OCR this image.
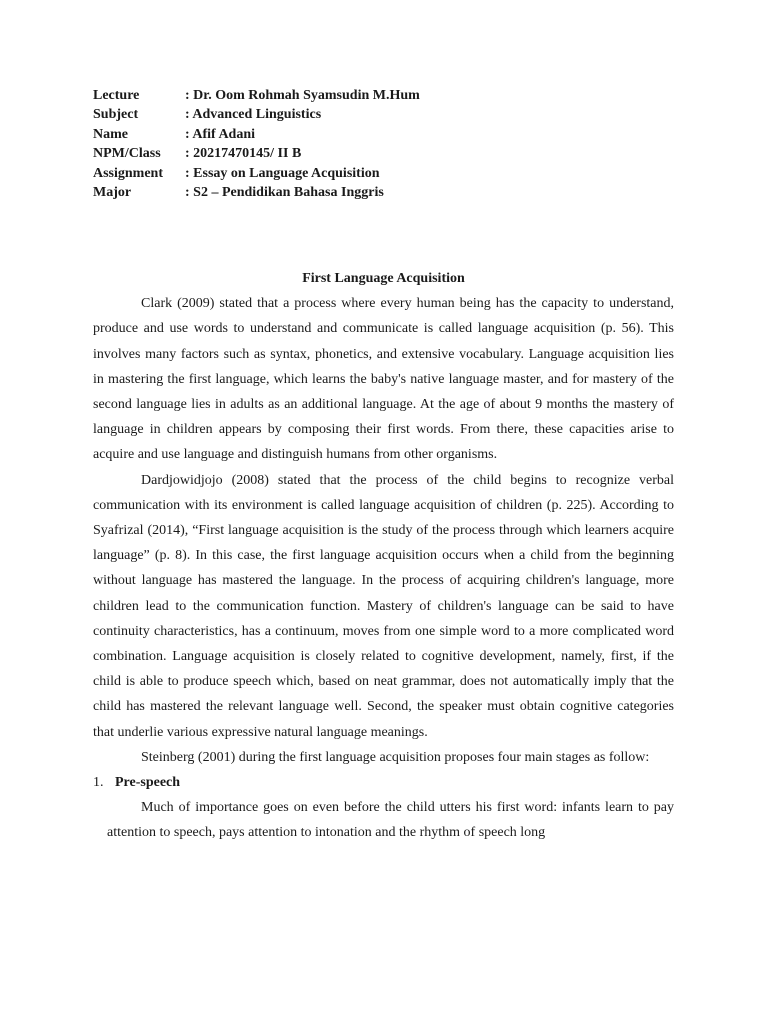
Lecture	: Dr. Oom Rohmah Syamsudin M.Hum
Subject	: Advanced Linguistics
Name	: Afif Adani
NPM/Class	: 20217470145/ II B
Assignment	: Essay on Language Acquisition
Major	: S2 – Pendidikan Bahasa Inggris

First Language Acquisition

Clark (2009) stated that a process where every human being has the capacity to understand, produce and use words to understand and communicate is called language acquisition (p. 56). This involves many factors such as syntax, phonetics, and extensive vocabulary. Language acquisition lies in mastering the first language, which learns the baby's native language master, and for mastery of the second language lies in adults as an additional language. At the age of about 9 months the mastery of language in children appears by composing their first words. From there, these capacities arise to acquire and use language and distinguish humans from other organisms.

Dardjowidjojo (2008) stated that the process of the child begins to recognize verbal communication with its environment is called language acquisition of children (p. 225). According to Syafrizal (2014), “First language acquisition is the study of the process through which learners acquire language” (p. 8). In this case, the first language acquisition occurs when a child from the beginning without language has mastered the language. In the process of acquiring children's language, more children lead to the communication function. Mastery of children's language can be said to have continuity characteristics, has a continuum, moves from one simple word to a more complicated word combination. Language acquisition is closely related to cognitive development, namely, first, if the child is able to produce speech which, based on neat grammar, does not automatically imply that the child has mastered the relevant language well. Second, the speaker must obtain cognitive categories that underlie various expressive natural language meanings.

Steinberg (2001) during the first language acquisition proposes four main stages as follow:

1. Pre-speech

Much of importance goes on even before the child utters his first word: infants learn to pay attention to speech, pays attention to intonation and the rhythm of speech long
